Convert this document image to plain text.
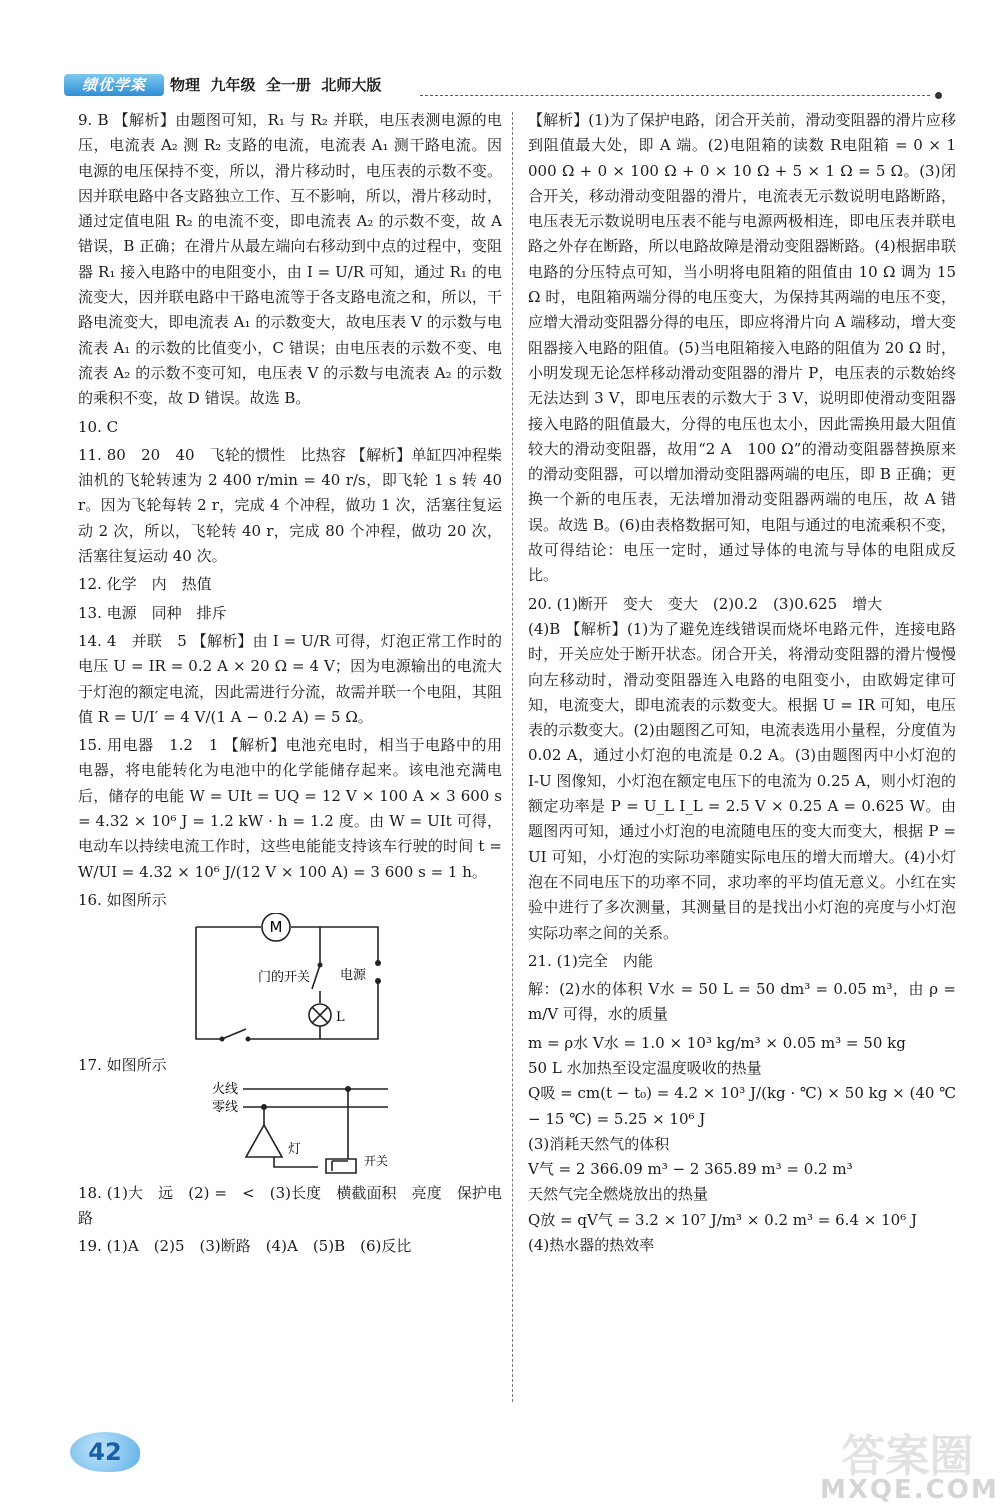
绩优学案	物理  九年级  全一册  北师大版

9. B 【解析】由题图可知，R₁ 与 R₂ 并联，电压表测电源的电压，电流表 A₂ 测 R₂ 支路的电流，电流表 A₁ 测干路电流。因电源的电压保持不变，所以，滑片移动时，电压表的示数不变。因并联电路中各支路独立工作、互不影响，所以，滑片移动时，通过定值电阻 R₂ 的电流不变，即电流表 A₂ 的示数不变，故 A 错误，B 正确；在滑片从最左端向右移动到中点的过程中，变阻器 R₁ 接入电路中的电阻变小，由 I = U/R 可知，通过 R₁ 的电流变大，因并联电路中干路电流等于各支路电流之和，所以，干路电流变大，即电流表 A₁ 的示数变大，故电压表 V 的示数与电流表 A₁ 的示数的比值变小，C 错误；由电压表的示数不变、电流表 A₂ 的示数不变可知，电压表 V 的示数与电流表 A₂ 的示数的乘积不变，故 D 错误。故选 B。

10. C

11. 80　20　40　飞轮的惯性　比热容 【解析】单缸四冲程柴油机的飞轮转速为 2 400 r/min = 40 r/s，即飞轮 1 s 转 40 r。因为飞轮每转 2 r，完成 4 个冲程，做功 1 次，活塞往复运动 2 次，所以，飞轮转 40 r，完成 80 个冲程，做功 20 次，活塞往复运动 40 次。

12. 化学　内　热值

13. 电源　同种　排斥

14. 4　并联　5 【解析】由 I = U/R 可得，灯泡正常工作时的电压 U = IR = 0.2 A × 20 Ω = 4 V；因为电源输出的电流大于灯泡的额定电流，因此需进行分流，故需并联一个电阻，其阻值 R = U/I′ = 4 V/(1 A − 0.2 A) = 5 Ω。

15. 用电器　1.2　1 【解析】电池充电时，相当于电路中的用电器，将电能转化为电池中的化学能储存起来。该电池充满电后，储存的电能 W = UIt = UQ = 12 V × 100 A × 3 600 s = 4.32 × 10⁶ J = 1.2 kW · h = 1.2 度。由 W = UIt 可得，电动车以持续电流工作时，这些电能能支持该车行驶的时间 t = W/UI = 4.32 × 10⁶ J/(12 V × 100 A) = 3 600 s = 1 h。

16. 如图所示

M
门的开关 电源
L

17. 如图所示

火线
零线
灯
开关

18. (1)大　远　(2) =　<　(3)长度　横截面积　亮度　保护电路

19. (1)A　(2)5　(3)断路　(4)A　(5)B　(6)反比

【解析】(1)为了保护电路，闭合开关前，滑动变阻器的滑片应移到阻值最大处，即 A 端。(2)电阻箱的读数 R电阻箱 = 0 × 1 000 Ω + 0 × 100 Ω + 0 × 10 Ω + 5 × 1 Ω = 5 Ω。(3)闭合开关，移动滑动变阻器的滑片，电流表无示数说明电路断路，电压表无示数说明电压表不能与电源两极相连，即电压表并联电路之外存在断路，所以电路故障是滑动变阻器断路。(4)根据串联电路的分压特点可知，当小明将电阻箱的阻值由 10 Ω 调为 15 Ω 时，电阻箱两端分得的电压变大，为保持其两端的电压不变，应增大滑动变阻器分得的电压，即应将滑片向 A 端移动，增大变阻器接入电路的阻值。(5)当电阻箱接入电路的阻值为 20 Ω 时，小明发现无论怎样移动滑动变阻器的滑片 P，电压表的示数始终无法达到 3 V，即电压表的示数大于 3 V，说明即使滑动变阻器接入电路的阻值最大，分得的电压也太小，因此需换用最大阻值较大的滑动变阻器，故用“2 A　100 Ω”的滑动变阻器替换原来的滑动变阻器，可以增加滑动变阻器两端的电压，即 B 正确；更换一个新的电压表，无法增加滑动变阻器两端的电压，故 A 错误。故选 B。(6)由表格数据可知，电阻与通过的电流乘积不变，故可得结论：电压一定时，通过导体的电流与导体的电阻成反比。

20. (1)断开　变大　变大　(2)0.2　(3)0.625　增大

(4)B 【解析】(1)为了避免连线错误而烧坏电路元件，连接电路时，开关应处于断开状态。闭合开关，将滑动变阻器的滑片慢慢向左移动时，滑动变阻器连入电路的电阻变小，由欧姆定律可知，电流变大，即电流表的示数变大。根据 U = IR 可知，电压表的示数变大。(2)由题图乙可知，电流表选用小量程，分度值为 0.02 A，通过小灯泡的电流是 0.2 A。(3)由题图丙中小灯泡的 I-U 图像知，小灯泡在额定电压下的电流为 0.25 A，则小灯泡的额定功率是 P = U_L I_L = 2.5 V × 0.25 A = 0.625 W。由题图丙可知，通过小灯泡的电流随电压的变大而变大，根据 P = UI 可知，小灯泡的实际功率随实际电压的增大而增大。(4)小灯泡在不同电压下的功率不同，求功率的平均值无意义。小红在实验中进行了多次测量，其测量目的是找出小灯泡的亮度与小灯泡实际功率之间的关系。

21. (1)完全　内能

解：(2)水的体积 V水 = 50 L = 50 dm³ = 0.05 m³，由 ρ = m/V 可得，水的质量

m = ρ水 V水 = 1.0 × 10³ kg/m³ × 0.05 m³ = 50 kg

50 L 水加热至设定温度吸收的热量

Q吸 = cm(t − t₀) = 4.2 × 10³ J/(kg · ℃) × 50 kg × (40 ℃ − 15 ℃) = 5.25 × 10⁶ J

(3)消耗天然气的体积

V气 = 2 366.09 m³ − 2 365.89 m³ = 0.2 m³

天然气完全燃烧放出的热量

Q放 = qV气 = 3.2 × 10⁷ J/m³ × 0.2 m³ = 6.4 × 10⁶ J

(4)热水器的热效率

42	答案圈
MXQE.COM
